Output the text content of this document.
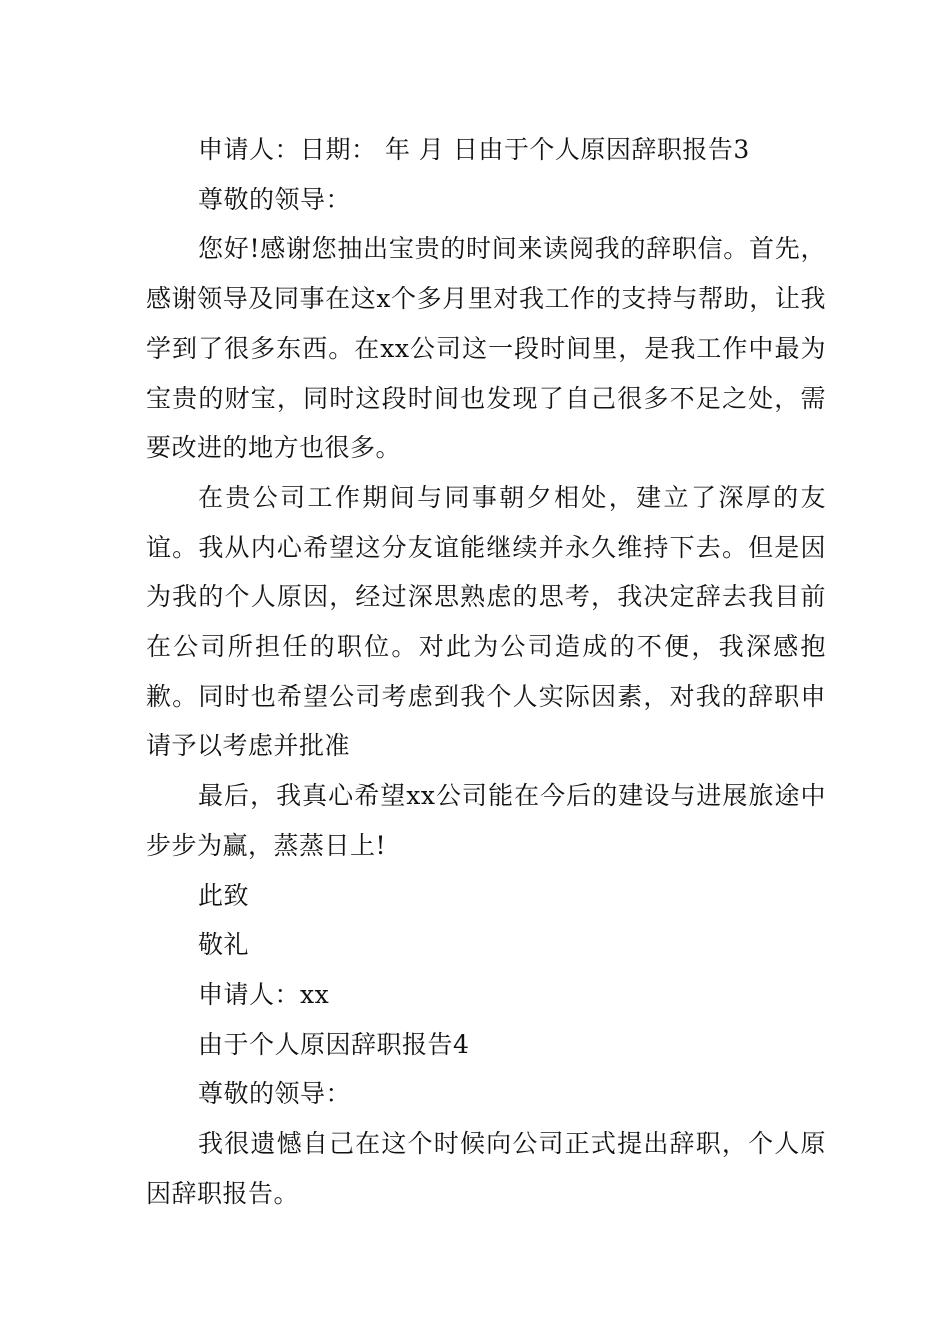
申请人：日期： 年 月 日由于个人原因辞职报告3

尊敬的领导：

您好!感谢您抽出宝贵的时间来读阅我的辞职信。首先，感谢领导及同事在这x个多月里对我工作的支持与帮助，让我学到了很多东西。在xx公司这一段时间里，是我工作中最为宝贵的财宝，同时这段时间也发现了自己很多不足之处，需要改进的地方也很多。

在贵公司工作期间与同事朝夕相处，建立了深厚的友谊。我从内心希望这分友谊能继续并永久维持下去。但是因为我的个人原因，经过深思熟虑的思考，我决定辞去我目前在公司所担任的职位。对此为公司造成的不便，我深感抱歉。同时也希望公司考虑到我个人实际因素，对我的辞职申请予以考虑并批准

最后，我真心希望xx公司能在今后的建设与进展旅途中步步为赢，蒸蒸日上!

此致

敬礼

申请人：xx

由于个人原因辞职报告4

尊敬的领导：

我很遗憾自己在这个时候向公司正式提出辞职，个人原因辞职报告。
